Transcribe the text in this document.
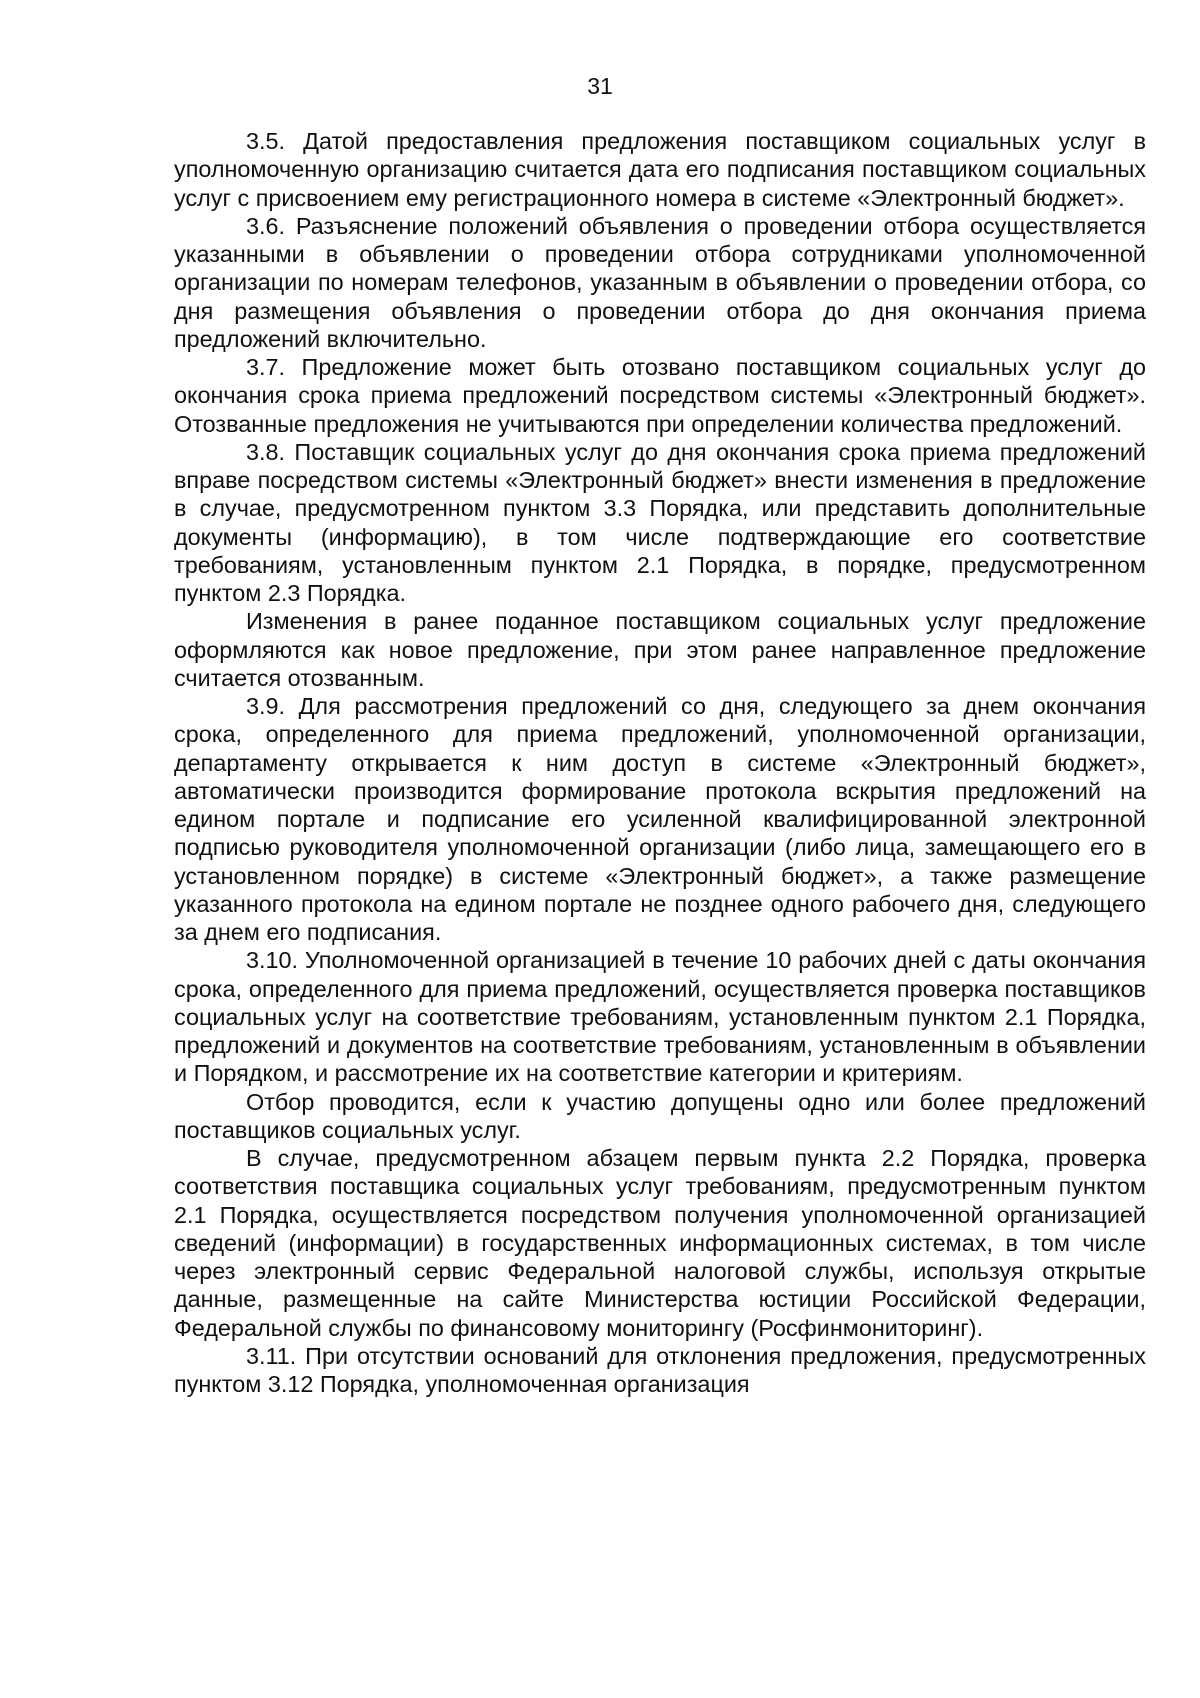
31

3.5. Датой предоставления предложения поставщиком социальных услуг в уполномоченную организацию считается дата его подписания поставщиком социальных услуг с присвоением ему регистрационного номера в системе «Электронный бюджет».

3.6. Разъяснение положений объявления о проведении отбора осуществляется указанными в объявлении о проведении отбора сотрудниками уполномоченной организации по номерам телефонов, указанным в объявлении о проведении отбора, со дня размещения объявления о проведении отбора до дня окончания приема предложений включительно.

3.7. Предложение может быть отозвано поставщиком социальных услуг до окончания срока приема предложений посредством системы «Электронный бюджет». Отозванные предложения не учитываются при определении количества предложений.

3.8. Поставщик социальных услуг до дня окончания срока приема предложений вправе посредством системы «Электронный бюджет» внести изменения в предложение в случае, предусмотренном пунктом 3.3 Порядка, или представить дополнительные документы (информацию), в том числе подтверждающие его соответствие требованиям, установленным пунктом 2.1 Порядка, в порядке, предусмотренном пунктом 2.3 Порядка.

Изменения в ранее поданное поставщиком социальных услуг предложение оформляются как новое предложение, при этом ранее направленное предложение считается отозванным.

3.9. Для рассмотрения предложений со дня, следующего за днем окончания срока, определенного для приема предложений, уполномоченной организации, департаменту открывается к ним доступ в системе «Электронный бюджет», автоматически производится формирование протокола вскрытия предложений на едином портале и подписание его усиленной квалифицированной электронной подписью руководителя уполномоченной организации (либо лица, замещающего его в установленном порядке) в системе «Электронный бюджет», а также размещение указанного протокола на едином портале не позднее одного рабочего дня, следующего за днем его подписания.

3.10. Уполномоченной организацией в течение 10 рабочих дней с даты окончания срока, определенного для приема предложений, осуществляется проверка поставщиков социальных услуг на соответствие требованиям, установленным пунктом 2.1 Порядка, предложений и документов на соответствие требованиям, установленным в объявлении и Порядком, и рассмотрение их на соответствие категории и критериям.

Отбор проводится, если к участию допущены одно или более предложений поставщиков социальных услуг.

В случае, предусмотренном абзацем первым пункта 2.2 Порядка, проверка соответствия поставщика социальных услуг требованиям, предусмотренным пунктом 2.1 Порядка, осуществляется посредством получения уполномоченной организацией сведений (информации) в государственных информационных системах, в том числе через электронный сервис Федеральной налоговой службы, используя открытые данные, размещенные на сайте Министерства юстиции Российской Федерации, Федеральной службы по финансовому мониторингу (Росфинмониторинг).

3.11. При отсутствии оснований для отклонения предложения, предусмотренных пунктом 3.12 Порядка, уполномоченная организация
